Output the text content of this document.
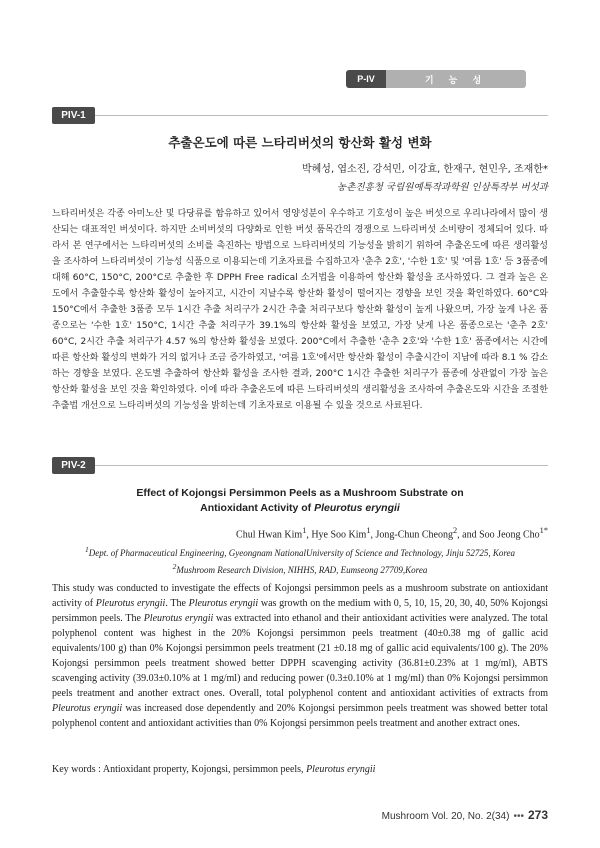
P-IV	기 능 성
PIV-1
추출온도에 따른 느타리버섯의 항산화 활성 변화
박혜성, 엽소진, 강석민, 이강효, 한재구, 현민우, 조재한*
농촌진흥청 국립원예특작과학원 인삼특작부 버섯과

느타리버섯은 각종 아미노산 및 다당류를 함유하고 있어서 영양성분이 우수하고 기호성이 높은 버섯으로 우리나라에서 많이 생산되는 대표적인 버섯이다. 하지만 소비버섯의 다양화로 인한 버섯 품목간의 경쟁으로 느타리버섯 소비량이 정체되어 있다. 따라서 본 연구에서는 느타리버섯의 소비를 촉진하는 방법으로 느타리버섯의 기능성을 밝히기 위하여 추출온도에 따른 생리활성을 조사하여 느타리버섯이 기능성 식품으로 이용되는데 기초자료를 수집하고자 '춘추 2호', '수한 1호' 및 '여름 1호' 등 3품종에 대해 60°C, 150°C, 200°C로 추출한 후 DPPH Free radical 소거법을 이용하여 항산화 활성을 조사하였다. 그 결과 높은 온도에서 추출할수록 항산화 활성이 높아지고, 시간이 지날수록 항산화 활성이 떨어지는 경향을 보인 것을 확인하였다. 60°C와 150°C에서 추출한 3품종 모두 1시간 추출 처리구가 2시간 추출 처리구보다 항산화 활성이 높게 나왔으며, 가장 높게 나온 품종으로는 '수한 1호' 150°C, 1시간 추출 처리구가 39.1%의 항산화 활성을 보였고, 가장 낮게 나온 품종으로는 '춘추 2호' 60°C, 2시간 추출 처리구가 4.57 %의 항산화 활성을 보였다. 200°C에서 추출한 '춘추 2호'와 '수한 1호' 품종에서는 시간에 따른 항산화 활성의 변화가 거의 없거나 조금 증가하였고, '여름 1호'에서만 항산화 활성이 추출시간이 지남에 따라 8.1 % 감소하는 경향을 보였다. 온도별 추출하여 항산화 활성을 조사한 결과, 200°C 1시간 추출한 처리구가 품종에 상관없이 가장 높은 항산화 활성을 보인 것을 확인하였다. 이에 따라 추출온도에 따른 느타리버섯의 생리활성을 조사하여 추출온도와 시간을 조절한 추출법 개선으로 느타리버섯의 기능성을 밝히는데 기초자료로 이용될 수 있을 것으로 사료된다.

PIV-2
Effect of Kojongsi Persimmon Peels as a Mushroom Substrate on
Antioxidant Activity of Pleurotus eryngii
Chul Hwan Kim$^1$, Hye Soo Kim$^1$, Jong-Chun Cheong$^2$, and Soo Jeong Cho$^{1*}$
$^1$Dept. of Pharmaceutical Engineering, Gyeongnam NationalUniversity of Science and Technology, Jinju 52725, Korea
$^2$Mushroom Research Division, NIHHS, RAD, Eumseong 27709,Korea

This study was conducted to investigate the effects of Kojongsi persimmon peels as a mushroom substrate on antioxidant activity of Pleurotus eryngii. The Pleurotus eryngii was growth on the medium with 0, 5, 10, 15, 20, 30, 40, 50% Kojongsi persimmon peels. The Pleurotus eryngii was extracted into ethanol and their antioxidant activities were analyzed. The total polyphenol content was highest in the 20% Kojongsi persimmon peels treatment (40±0.38 mg of gallic acid equivalents/100 g) than 0% Kojongsi persimmon peels treatment (21 ±0.18 mg of gallic acid equivalents/100 g). The 20% Kojongsi persimmon peels treatment showed better DPPH scavenging activity (36.81±0.23% at 1 mg/ml), ABTS scavenging activity (39.03±0.10% at 1 mg/ml) and reducing power (0.3±0.10% at 1 mg/ml) than 0% Kojongsi persimmon peels treatment and another extract ones. Overall, total polyphenol content and antioxidant activities of extracts from Pleurotus eryngii was increased dose dependently and 20% Kojongsi persimmon peels treatment was showed better total polyphenol content and antioxidant activities than 0% Kojongsi persimmon peels treatment and another extract ones.

Key words : Antioxidant property, Kojongsi, persimmon peels, Pleurotus eryngii
Mushroom Vol. 20, No. 2(34) ••• 273
